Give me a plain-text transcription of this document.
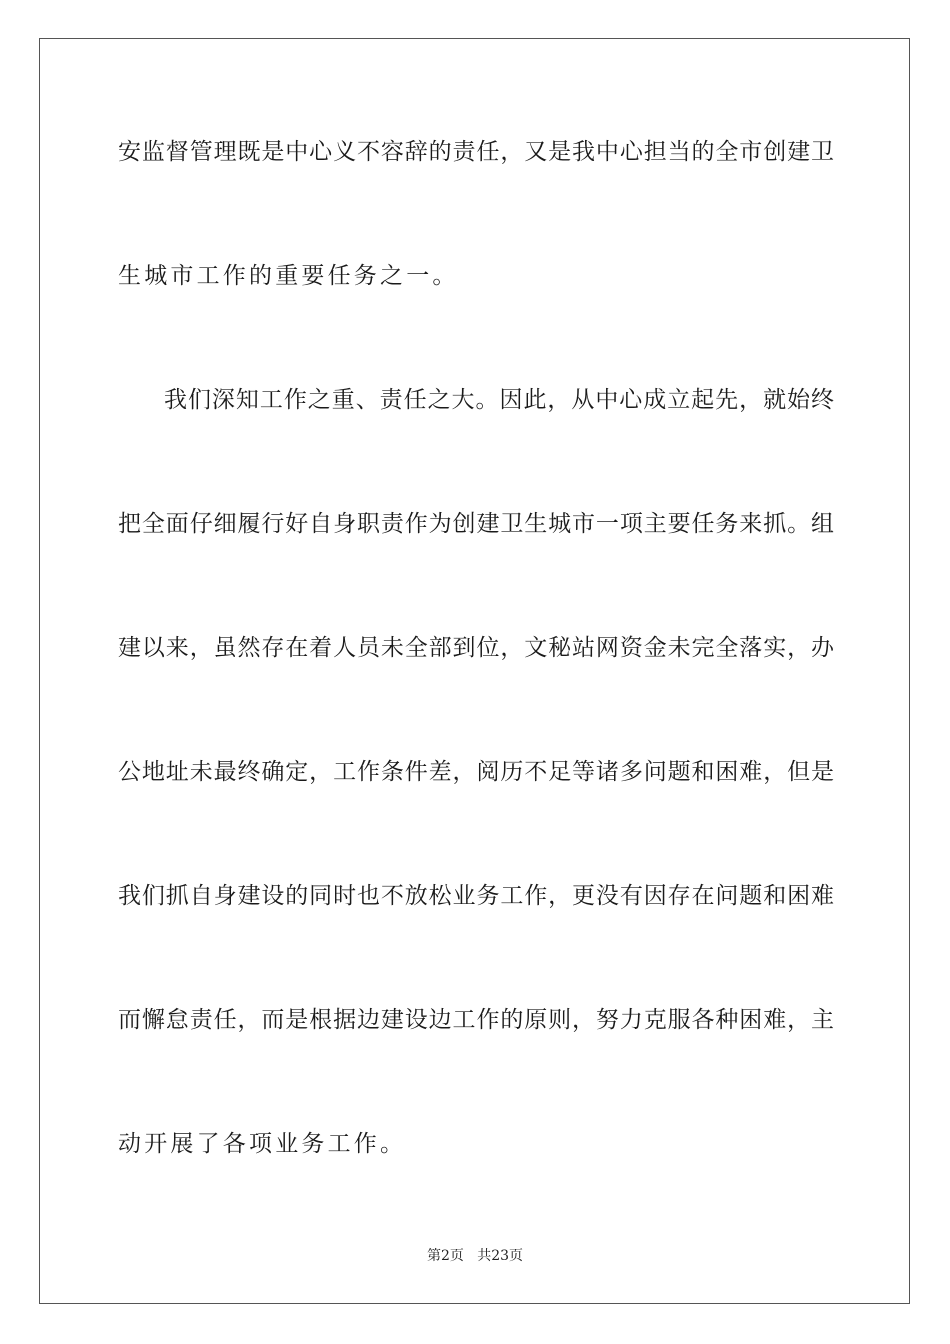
安监督管理既是中心义不容辞的责任，又是我中心担当的全市创建卫
生城市工作的重要任务之一。
我们深知工作之重、责任之大。因此，从中心成立起先，就始终
把全面仔细履行好自身职责作为创建卫生城市一项主要任务来抓。组
建以来，虽然存在着人员未全部到位，文秘站网资金未完全落实，办
公地址未最终确定，工作条件差，阅历不足等诸多问题和困难，但是
我们抓自身建设的同时也不放松业务工作，更没有因存在问题和困难
而懈怠责任，而是根据边建设边工作的原则，努力克服各种困难，主
动开展了各项业务工作。
第2页   共23页
